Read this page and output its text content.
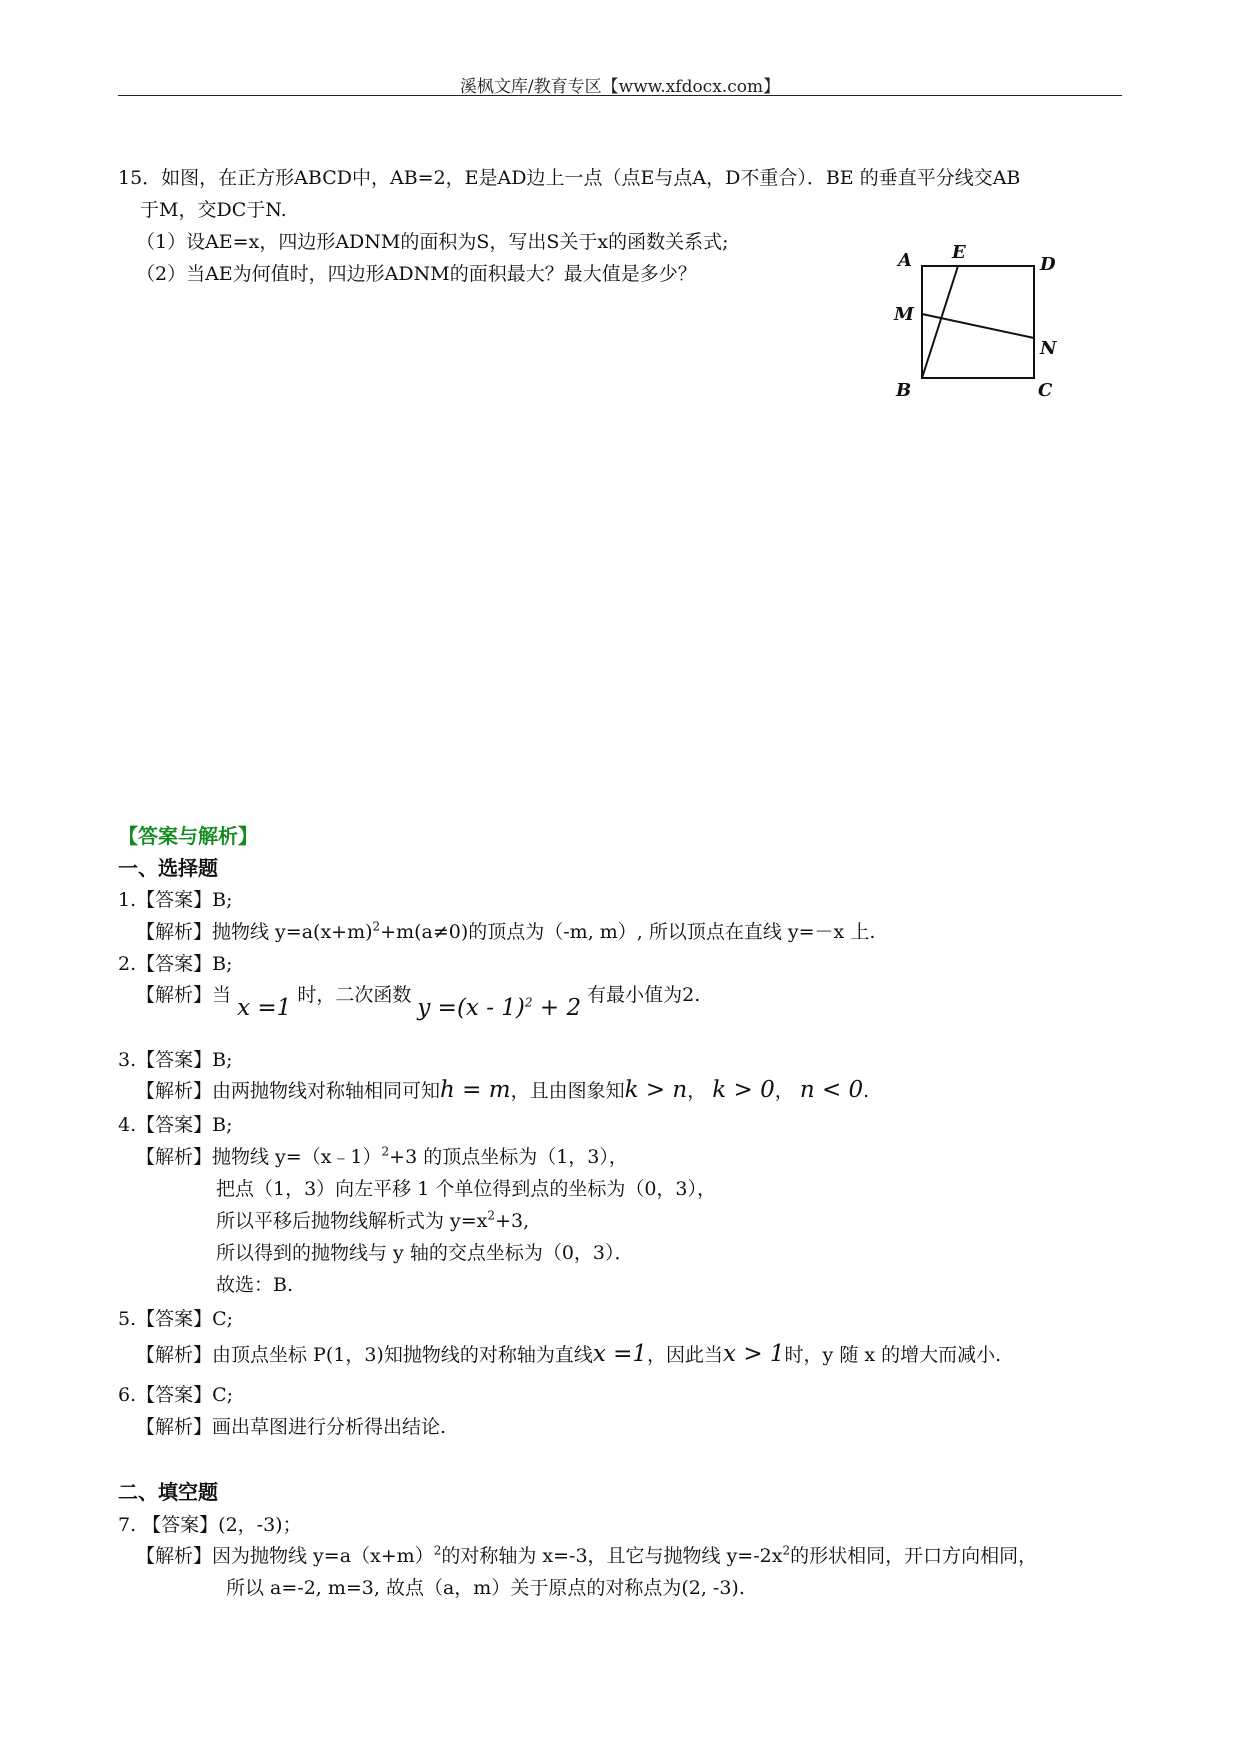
溪枫文库/教育专区【www.xfdocx.com】
15．如图，在正方形ABCD中，AB=2，E是AD边上一点（点E与点A，D不重合）．BE 的垂直平分线交AB
于M，交DC于N.
（1）设AE=x，四边形ADNM的面积为S，写出S关于x的函数关系式;
（2）当AE为何值时，四边形ADNM的面积最大？最大值是多少？
A E
D
M
N
B	C
【答案与解析】
一、选择题
1.【答案】B;
【解析】抛物线 $y=a(x+m)^2+m(a\ne 0)$的顶点为（-m, m）, 所以顶点在直线 y=－x 上.
2.【答案】B;
【解析】当 x =1 时，二次函数 y =(x - 1)$^2$ + 2 有最小值为2.
3.【答案】B;
【解析】由两抛物线对称轴相同可知h = m，且由图象知k > n， k > 0， n < 0.
4.【答案】B;
【解析】抛物线 y=（x﹣1）$^2$+3 的顶点坐标为（1，3），
把点（1，3）向左平移 1 个单位得到点的坐标为（0，3），
所以平移后抛物线解析式为 $y=x^2+3$,
所以得到的抛物线与 y 轴的交点坐标为（0，3）．
故选：B.
5.【答案】C;
【解析】由顶点坐标 P(1，3)知抛物线的对称轴为直线x =1，因此当x > 1时，y 随 x 的增大而减小.
6.【答案】C;
【解析】画出草图进行分析得出结论.
二、填空题
7. 【答案】(2，-3)；
【解析】因为抛物线 $y=a(x+m)^2$的对称轴为 x=-3，且它与抛物线 $y=-2x^2$的形状相同，开口方向相同，
所以 a=-2, m=3, 故点（a，m）关于原点的对称点为(2, -3).
